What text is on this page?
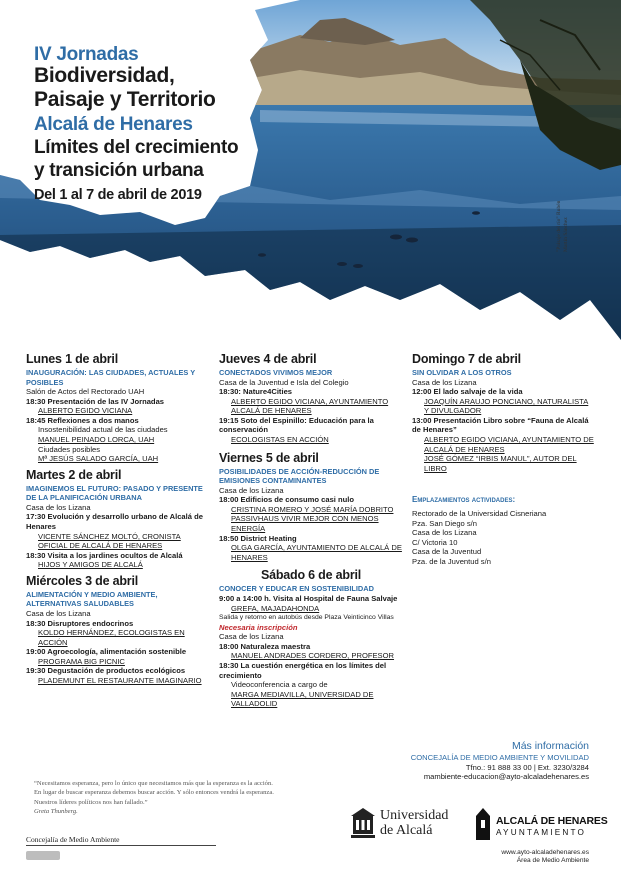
IV Jornadas
Biodiversidad,
Paisaje y Territorio
Alcalá de Henares
Límites del crecimiento
y transición urbana
Del 1 al 7 de abril de 2019
"Paisaje del río" Rubén Martín Sánchez
Lunes 1 de abril
INAUGURACIÓN: LAS CIUDADES, ACTUALES Y POSIBLES
Salón de Actos del Rectorado UAH
18:30 Presentación de las IV Jornadas
ALBERTO EGIDO VICIANA
18:45 Reflexiones a dos manos
Insostenibilidad actual de las ciudades
MANUEL PEINADO LORCA, UAH
Ciudades posibles
Mª JESÚS SALADO GARCÍA, UAH
Martes 2 de abril
IMAGINEMOS EL FUTURO: PASADO Y PRESENTE DE LA PLANIFICACIÓN URBANA
Casa de los Lizana
17:30 Evolución y desarrollo urbano de Alcalá de Henares
VICENTE SÁNCHEZ MOLTÓ, CRONISTA OFICIAL DE ALCALÁ DE HENARES
18:30 Visita a los jardines ocultos de Alcalá
HIJOS Y AMIGOS DE ALCALÁ
Miércoles 3 de abril
ALIMENTACIÓN Y MEDIO AMBIENTE, ALTERNATIVAS SALUDABLES
Casa de los Lizana
18:30 Disruptores endocrinos
KOLDO HERNÁNDEZ, ECOLOGISTAS EN ACCIÓN
19:00 Agroecología, alimentación sostenible
PROGRAMA BIG PICNIC
19:30 Degustación de productos ecológicos
PLADEMUNT EL RESTAURANTE IMAGINARIO
Jueves 4 de abril
CONECTADOS VIVIMOS MEJOR
Casa de la Juventud e Isla del Colegio
18:30: Nature4Cities
ALBERTO EGIDO VICIANA, AYUNTAMIENTO ALCALÁ DE HENARES
19:15 Soto del Espinillo: Educación para la conservación
ECOLOGISTAS EN ACCIÓN
Viernes 5 de abril
POSIBILIDADES DE ACCIÓN-REDUCCIÓN DE EMISIONES CONTAMINANTES
Casa de los Lizana
18:00 Edificios de consumo casi nulo
CRISTINA ROMERO Y JOSÉ MARÍA DOBRITO PASSIVHAUS VIVIR MEJOR CON MENOS ENERGÍA
18:50 District Heating
OLGA GARCÍA, AYUNTAMIENTO DE ALCALÁ DE HENARES
Sábado 6 de abril
CONOCER Y EDUCAR EN SOSTENIBILIDAD
9:00 a 14:00 h. Visita al Hospital de Fauna Salvaje
GREFA, MAJADAHONDA
Salida y retorno en autobús desde Plaza Veinticinco Villas
Necesaria inscripción
Casa de los Lizana
18:00 Naturaleza maestra
MANUEL ANDRADES CORDERO, PROFESOR
18:30 La cuestión energética en los límites del crecimiento
Videoconferencia a cargo de
MARGA MEDIAVILLA, UNIVERSIDAD DE VALLADOLID
Domingo 7 de abril
SIN OLVIDAR A LOS OTROS
Casa de los Lizana
12:00 El lado salvaje de la vida
JOAQUÍN ARAUJO PONCIANO, NATURALISTA Y DIVULGADOR
13:00 Presentación Libro sobre “Fauna de Alcalá de Henares”
ALBERTO EGIDO VICIANA, AYUNTAMIENTO DE ALCALÁ DE HENARES
JOSÉ GÓMEZ “IRBIS MANUL”, AUTOR DEL LIBRO
Emplazamientos actividades:
Rectorado de la Universidad Cisneriana
Pza. San Diego s/n
Casa de los Lizana
C/ Victoria 10
Casa de la Juventud
Pza. de la Juventud s/n
Más información
CONCEJALÍA DE MEDIO AMBIENTE Y MOVILIDAD
Tfno.: 91 888 33 00 | Ext. 3230/3284
mambiente-educacion@ayto-alcaladehenares.es
“Necesitamos esperanza, pero lo único que necesitamos más que la esperanza es la acción.
En lugar de buscar esperanza debemos buscar acción. Y sólo entonces vendrá la esperanza.
Nuestros líderes políticos nos han fallado.”
Greta Thunberg.
Concejalía de Medio Ambiente
Universidad
de Alcalá
ALCALÁ DE HENARES
AYUNTAMIENTO
www.ayto-alcaladehenares.es
Área de Medio Ambiente
